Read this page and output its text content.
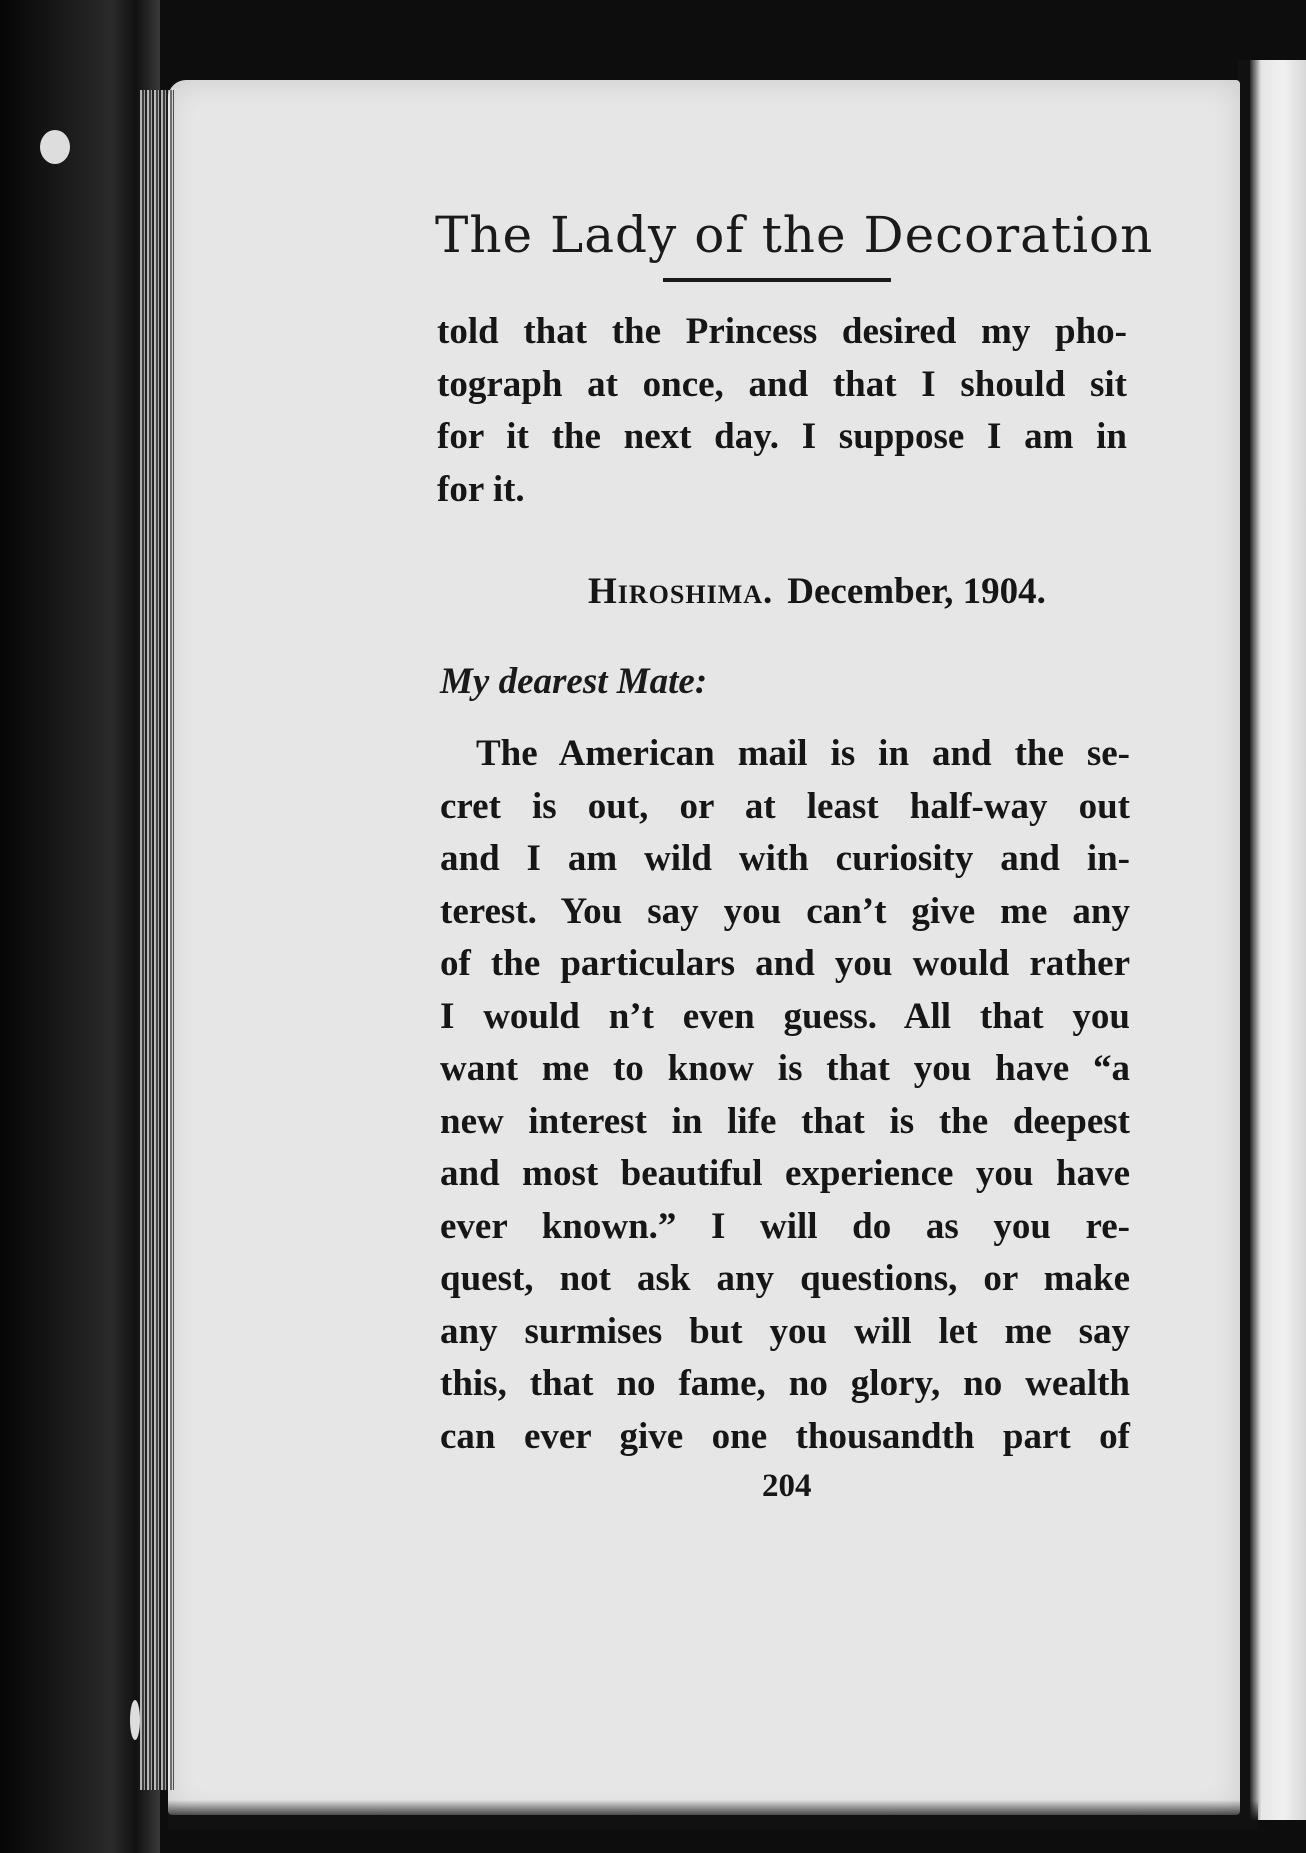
The Lady of the Decoration

told that the Princess desired my pho-
tograph at once, and that I should sit
for it the next day. I suppose I am in
for it.

Hiroshima. December, 1904.
My dearest Mate:

The American mail is in and the se-
cret is out, or at least half-way out
and I am wild with curiosity and in-
terest. You say you can’t give me any
of the particulars and you would rather
I would n’t even guess. All that you
want me to know is that you have “a
new interest in life that is the deepest
and most beautiful experience you have
ever known.” I will do as you re-
quest, not ask any questions, or make
any surmises but you will let me say
this, that no fame, no glory, no wealth
can ever give one thousandth part of

204
